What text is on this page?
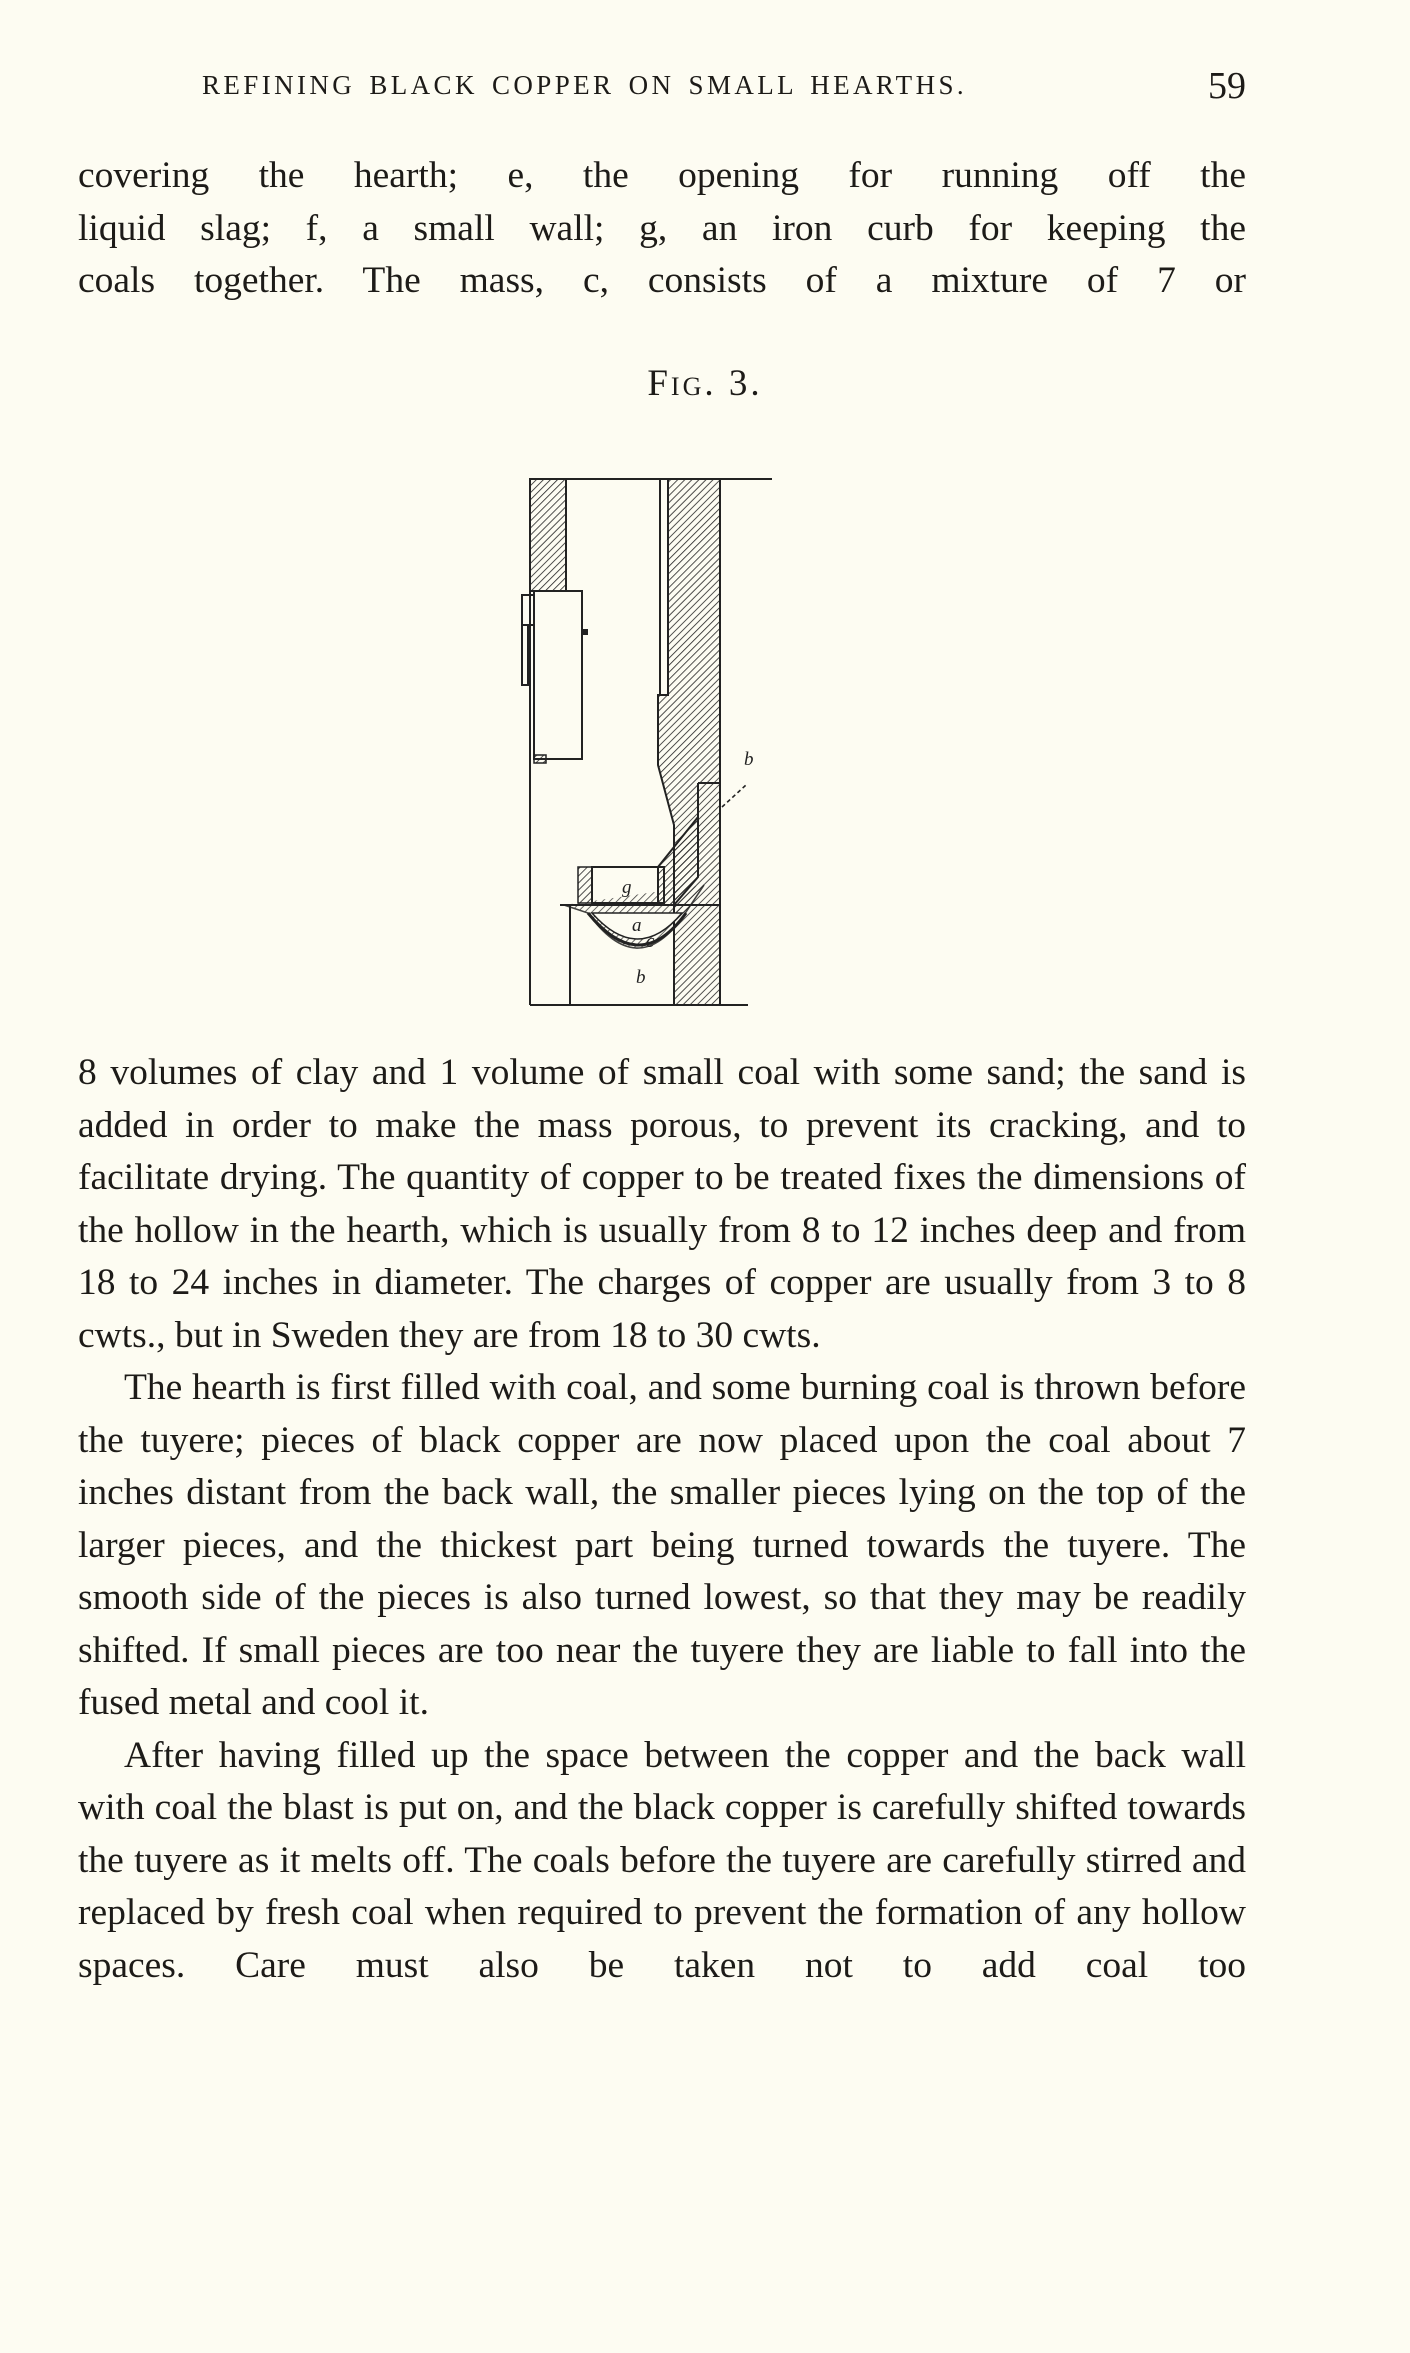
REFINING BLACK COPPER ON SMALL HEARTHS.	59

covering the hearth; e, the opening for running off the

liquid slag; f, a small wall; g, an iron curb for keeping the

coals together. The mass, c, consists of a mixture of 7 or

Fig. 3.
b
g
a
c
b

8 volumes of clay and 1 volume of small coal with some sand; the sand is added in order to make the mass porous, to prevent its cracking, and to facilitate drying. The quantity of copper to be treated fixes the dimensions of the hollow in the hearth, which is usually from 8 to 12 inches deep and from 18 to 24 inches in diameter. The charges of copper are usually from 3 to 8 cwts., but in Sweden they are from 18 to 30 cwts.

The hearth is first filled with coal, and some burning coal is thrown before the tuyere; pieces of black copper are now placed upon the coal about 7 inches distant from the back wall, the smaller pieces lying on the top of the larger pieces, and the thickest part being turned towards the tuyere. The smooth side of the pieces is also turned lowest, so that they may be readily shifted. If small pieces are too near the tuyere they are liable to fall into the fused metal and cool it.

After having filled up the space between the copper and the back wall with coal the blast is put on, and the black copper is carefully shifted towards the tuyere as it melts off. The coals before the tuyere are carefully stirred and replaced by fresh coal when required to prevent the formation of any hollow spaces. Care must also be taken not to add coal too
